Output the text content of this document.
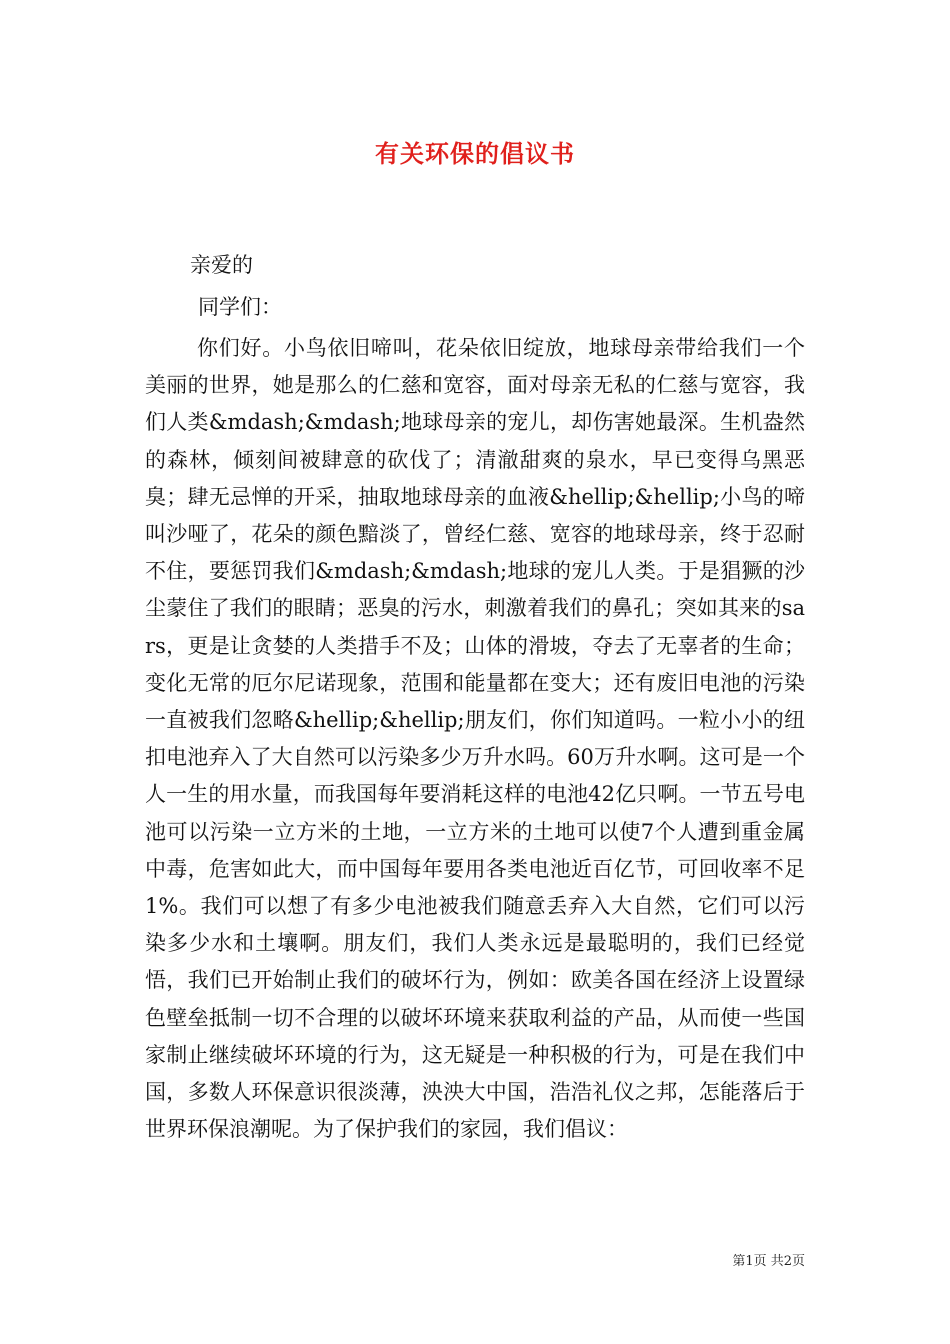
有关环保的倡议书
亲爱的
同学们：

你们好。小鸟依旧啼叫，花朵依旧绽放，地球母亲带给我们一个美丽的世界，她是那么的仁慈和宽容，面对母亲无私的仁慈与宽容，我们人类&mdash;&mdash;地球母亲的宠儿，却伤害她最深。生机盎然的森林，倾刻间被肆意的砍伐了；清澈甜爽的泉水，早已变得乌黑恶臭；肆无忌惮的开采，抽取地球母亲的血液&hellip;&hellip;小鸟的啼叫沙哑了，花朵的颜色黯淡了，曾经仁慈、宽容的地球母亲，终于忍耐不住，要惩罚我们&mdash;&mdash;地球的宠儿人类。于是猖獗的沙尘蒙住了我们的眼睛；恶臭的污水，刺激着我们的鼻孔；突如其来的sars，更是让贪婪的人类措手不及；山体的滑坡，夺去了无辜者的生命；变化无常的厄尔尼诺现象，范围和能量都在变大；还有废旧电池的污染一直被我们忽略&hellip;&hellip;朋友们，你们知道吗。一粒小小的纽扣电池弃入了大自然可以污染多少万升水吗。60万升水啊。这可是一个人一生的用水量，而我国每年要消耗这样的电池42亿只啊。一节五号电池可以污染一立方米的土地，一立方米的土地可以使7个人遭到重金属中毒，危害如此大，而中国每年要用各类电池近百亿节，可回收率不足1%。我们可以想了有多少电池被我们随意丢弃入大自然，它们可以污染多少水和土壤啊。朋友们，我们人类永远是最聪明的，我们已经觉悟，我们已开始制止我们的破坏行为，例如：欧美各国在经济上设置绿色壁垒抵制一切不合理的以破坏环境来获取利益的产品，从而使一些国家制止继续破坏环境的行为，这无疑是一种积极的行为，可是在我们中国，多数人环保意识很淡薄，泱泱大中国，浩浩礼仪之邦，怎能落后于世界环保浪潮呢。为了保护我们的家园，我们倡议：

第1页 共2页
